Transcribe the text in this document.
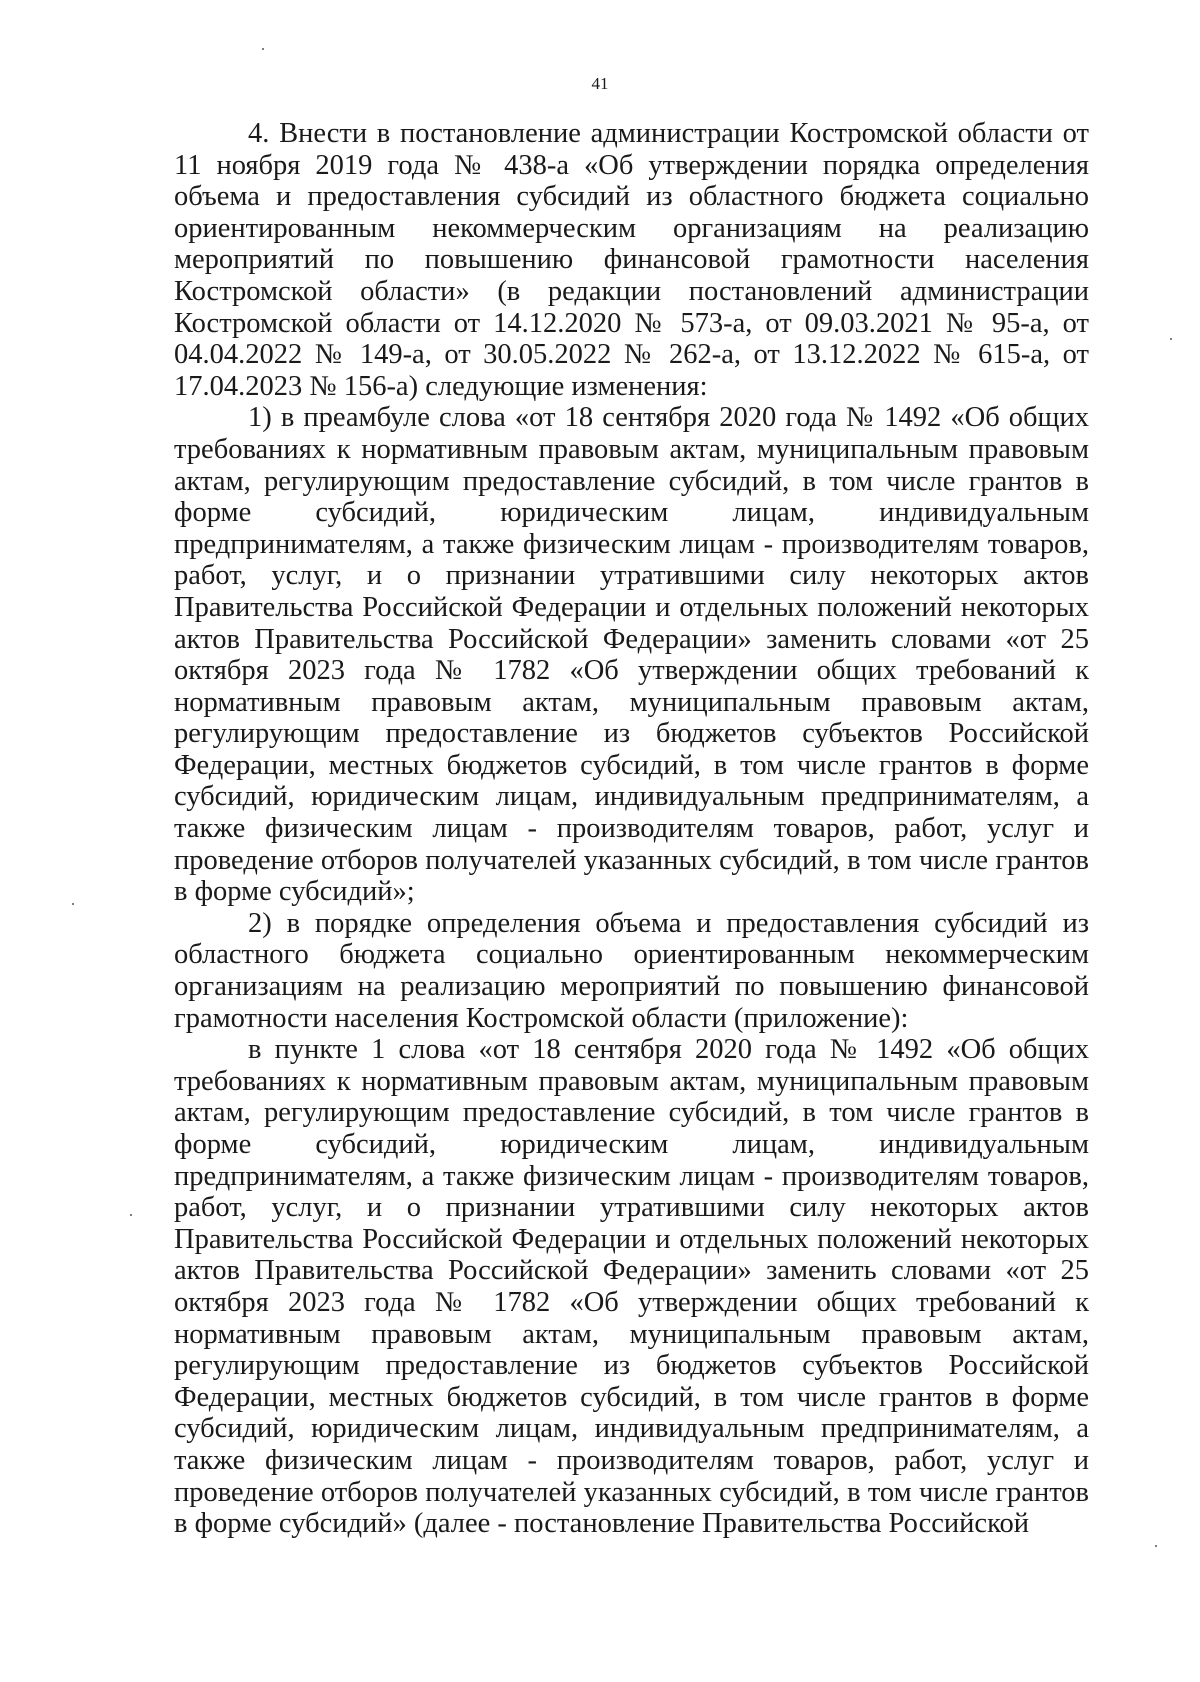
41

4. Внести в постановление администрации Костромской области от 11 ноября 2019 года № 438-а «Об утверждении порядка определения объема и предоставления субсидий из областного бюджета социально ориентированным некоммерческим организациям на реализацию мероприятий по повышению финансовой грамотности населения Костромской области» (в редакции постановлений администрации Костромской области от 14.12.2020 № 573-а, от 09.03.2021 № 95-а, от 04.04.2022 № 149-а, от 30.05.2022 № 262-а, от 13.12.2022 № 615-а, от 17.04.2023 № 156-а) следующие изменения:

1) в преамбуле слова «от 18 сентября 2020 года № 1492 «Об общих требованиях к нормативным правовым актам, муниципальным правовым актам, регулирующим предоставление субсидий, в том числе грантов в форме субсидий, юридическим лицам, индивидуальным предпринимателям, а также физическим лицам - производителям товаров, работ, услуг, и о признании утратившими силу некоторых актов Правительства Российской Федерации и отдельных положений некоторых актов Правительства Российской Федерации» заменить словами «от 25 октября 2023 года № 1782 «Об утверждении общих требований к нормативным правовым актам, муниципальным правовым актам, регулирующим предоставление из бюджетов субъектов Российской Федерации, местных бюджетов субсидий, в том числе грантов в форме субсидий, юридическим лицам, индивидуальным предпринимателям, а также физическим лицам - производителям товаров, работ, услуг и проведение отборов получателей указанных субсидий, в том числе грантов в форме субсидий»;

2) в порядке определения объема и предоставления субсидий из областного бюджета социально ориентированным некоммерческим организациям на реализацию мероприятий по повышению финансовой грамотности населения Костромской области (приложение):

в пункте 1 слова «от 18 сентября 2020 года № 1492 «Об общих требованиях к нормативным правовым актам, муниципальным правовым актам, регулирующим предоставление субсидий, в том числе грантов в форме субсидий, юридическим лицам, индивидуальным предпринимателям, а также физическим лицам - производителям товаров, работ, услуг, и о признании утратившими силу некоторых актов Правительства Российской Федерации и отдельных положений некоторых актов Правительства Российской Федерации» заменить словами «от 25 октября 2023 года № 1782 «Об утверждении общих требований к нормативным правовым актам, муниципальным правовым актам, регулирующим предоставление из бюджетов субъектов Российской Федерации, местных бюджетов субсидий, в том числе грантов в форме субсидий, юридическим лицам, индивидуальным предпринимателям, а также физическим лицам - производителям товаров, работ, услуг и проведение отборов получателей указанных субсидий, в том числе грантов в форме субсидий» (далее - постановление Правительства Российской
